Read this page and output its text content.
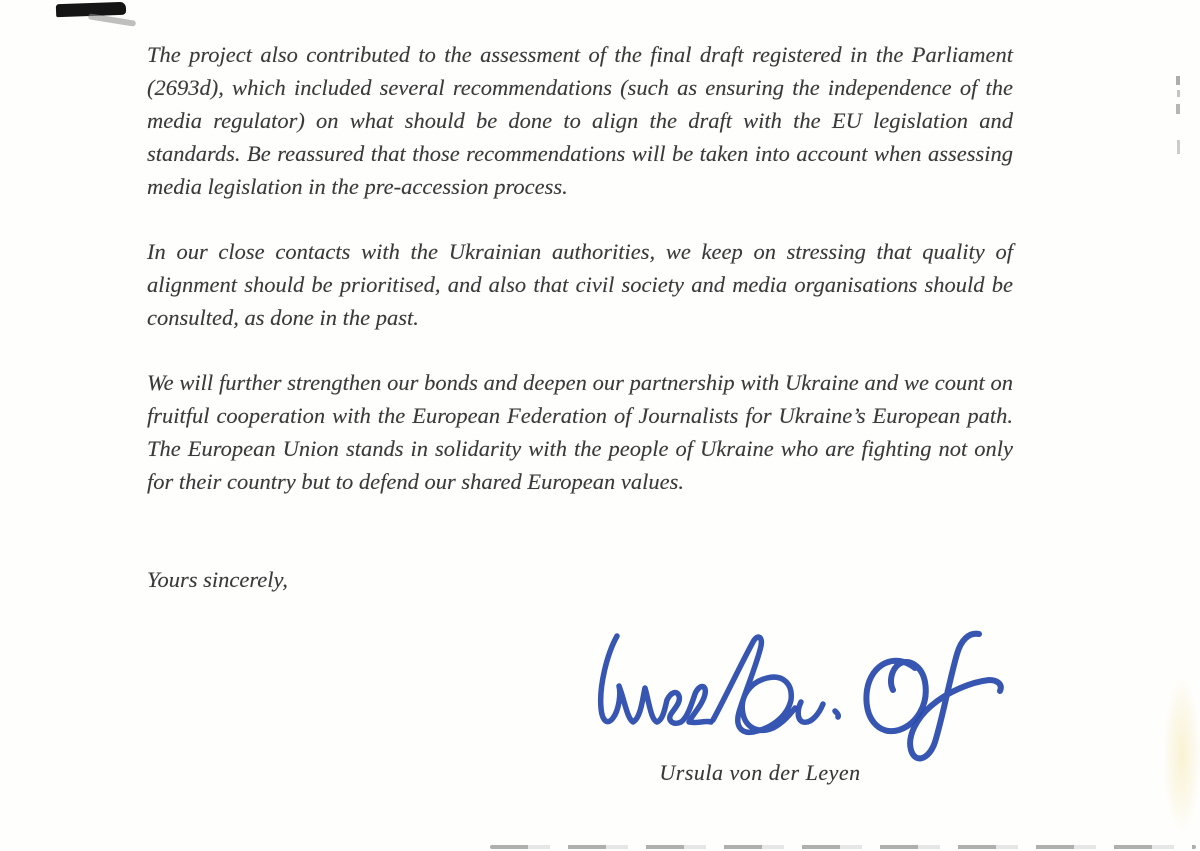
The project also contributed to the assessment of the final draft registered in the Parliament (2693d), which included several recommendations (such as ensuring the independence of the media regulator) on what should be done to align the draft with the EU legislation and standards. Be reassured that those recommendations will be taken into account when assessing media legislation in the pre-accession process.

In our close contacts with the Ukrainian authorities, we keep on stressing that quality of alignment should be prioritised, and also that civil society and media organisations should be consulted, as done in the past.

We will further strengthen our bonds and deepen our partnership with Ukraine and we count on fruitful cooperation with the European Federation of Journalists for Ukraine’s European path. The European Union stands in solidarity with the people of Ukraine who are fighting not only for their country but to defend our shared European values.

Yours sincerely,
Ursula von der Leyen
